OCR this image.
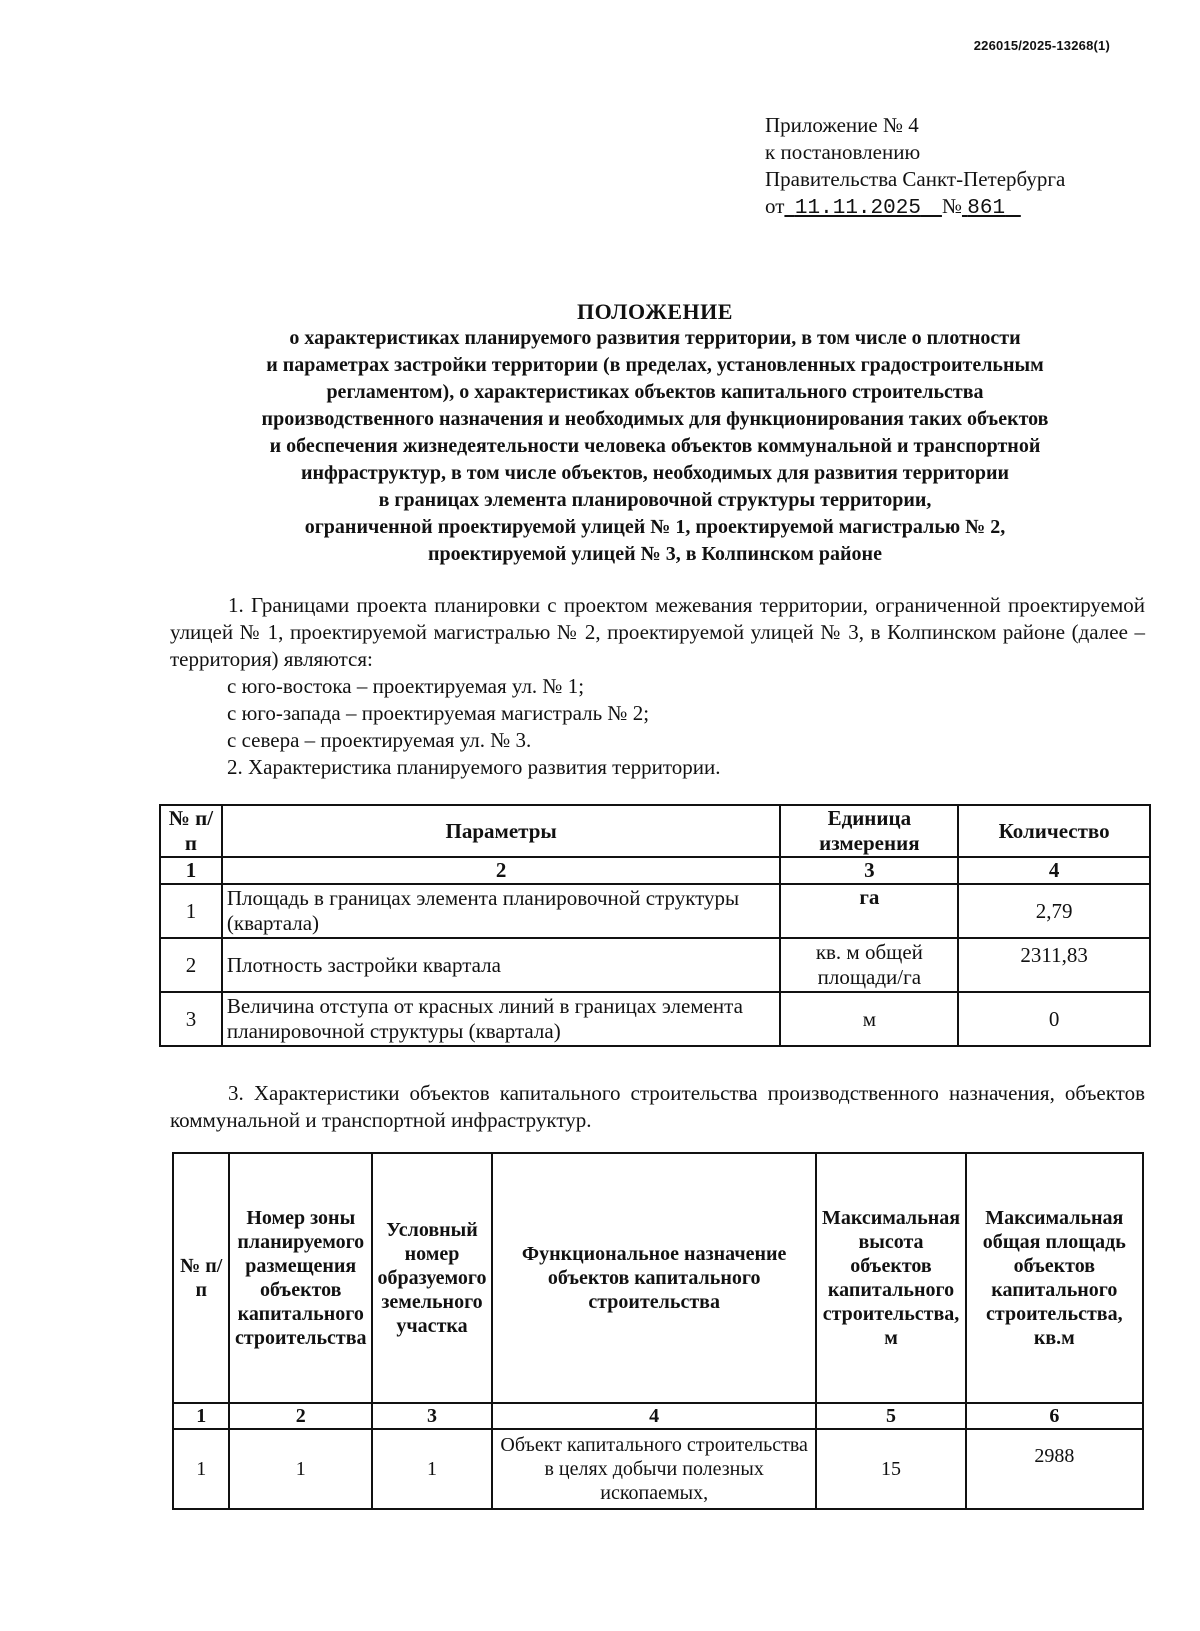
226015/2025-13268(1)
Приложение № 4
к постановлению
Правительства Санкт-Петербурга
от 11.11.2025 № 861
ПОЛОЖЕНИЕ
о характеристиках планируемого развития территории, в том числе о плотности
и параметрах застройки территории (в пределах, установленных градостроительным
регламентом), о характеристиках объектов капитального строительства
производственного назначения и необходимых для функционирования таких объектов
и обеспечения жизнедеятельности человека объектов коммунальной и транспортной
инфраструктур, в том числе объектов, необходимых для развития территории
в границах элемента планировочной структуры территории,
ограниченной проектируемой улицей № 1, проектируемой магистралью № 2,
проектируемой улицей № 3, в Колпинском районе

1. Границами проекта планировки с проектом межевания территории, ограниченной проектируемой улицей № 1, проектируемой магистралью № 2, проектируемой улицей № 3, в Колпинском районе (далее – территория) являются:

с юго-востока – проектируемая ул. № 1;

с юго-запада – проектируемая магистраль № 2;

с севера – проектируемая ул. № 3.

2. Характеристика планируемого развития территории.

№ п/п	Параметры	Единица измерения	Количество
1	2	3	4
1	Площадь в границах элемента планировочной структуры (квартала)	га	2,79
2	Плотность застройки квартала	кв. м общей площади/га	2311,83
3	Величина отступа от красных линий в границах элемента планировочной структуры (квартала)	м	0

3. Характеристики объектов капитального строительства производственного назначения, объектов коммунальной и транспортной инфраструктур.

№ п/п	Номер зоны планируемого размещения объектов капитального строительства	Условный номер образуемого земельного участка	Функциональное назначение объектов капитального строительства	Максимальная высота объектов капитального строительства, м	Максимальная общая площадь объектов капитального строительства, кв.м
1	2	3	4	5	6
1	1	1	Объект капитального строительства в целях добычи полезных ископаемых,	15	2988
